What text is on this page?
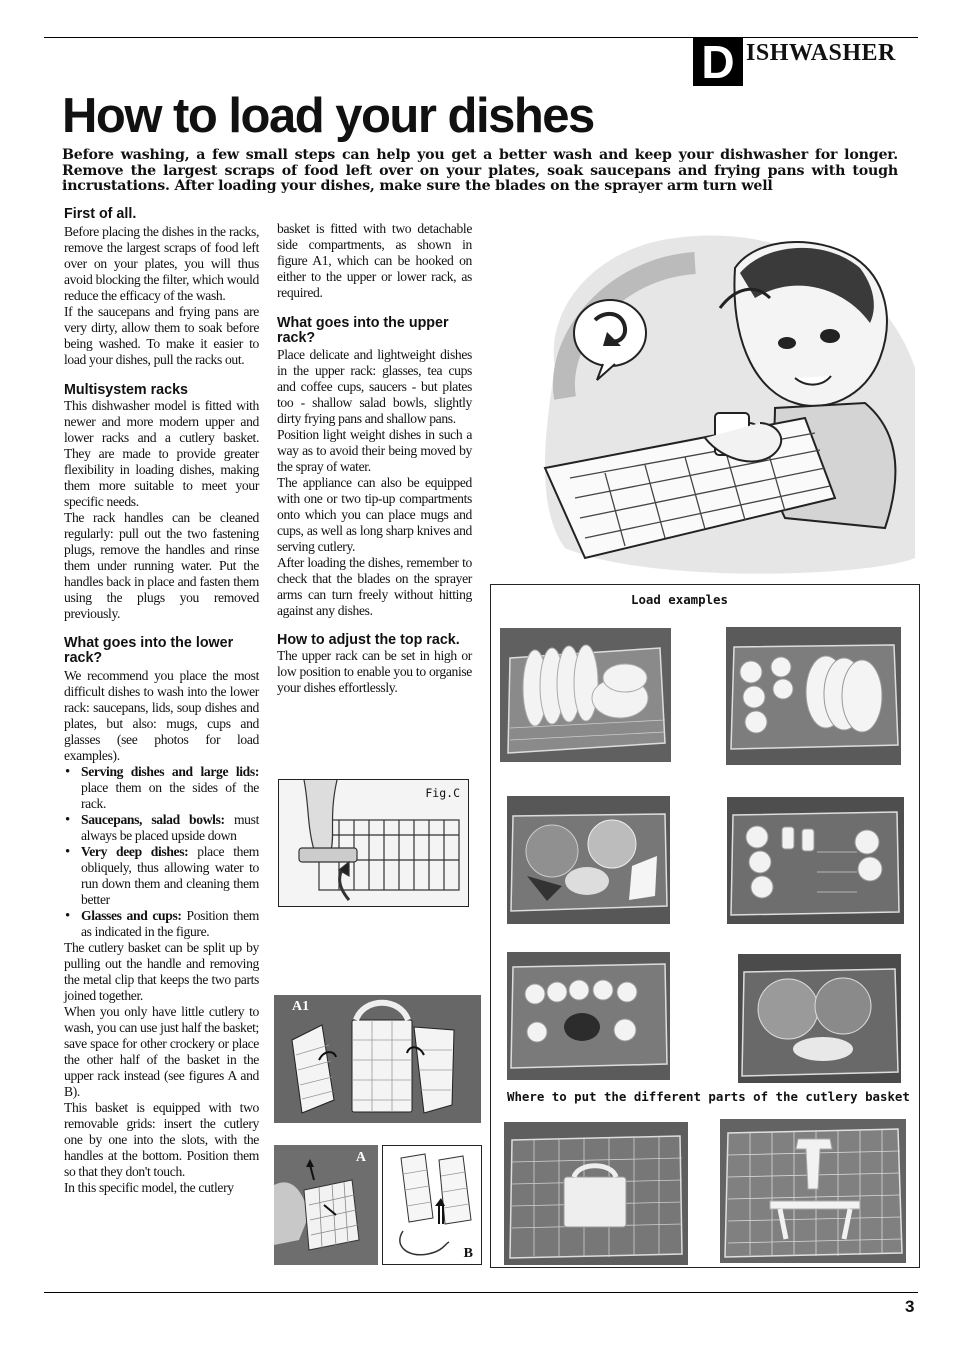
D ISHWASHER
How to load your dishes
Before washing, a few small steps can help you get a better wash and keep your dishwasher for longer. Remove the largest scraps of food left over on your plates, soak saucepans and frying pans with tough incrustations. After loading your dishes, make sure the blades on the sprayer arm turn well
First of all.

Before placing the dishes in the racks, remove the largest scraps of food left over on your plates, you will thus avoid blocking the filter, which would reduce the efficacy of the wash.

If the saucepans and frying pans are very dirty, allow them to soak before being washed. To make it easier to load your dishes, pull the racks out.

Multisystem racks

This dishwasher model is fitted with newer and more modern upper and lower racks and a cutlery basket. They are made to provide greater flexibility in loading dishes, making them more suitable to meet your specific needs.

The rack handles can be cleaned regularly: pull out the two fastening plugs, remove the handles and rinse them under running water. Put the handles back in place and fasten them using the plugs you removed previously.

What goes into the lower rack?

We recommend you place the most difficult dishes to wash into the lower rack: saucepans, lids, soup dishes and plates, but also: mugs, cups and glasses (see photos for load examples).

• Serving dishes and large lids: place them on the sides of the rack.
• Saucepans, salad bowls: must always be placed upside down
• Very deep dishes: place them obliquely, thus allowing water to run down them and cleaning them better
• Glasses and cups: Position them as indicated in the figure.

The cutlery basket can be split up by pulling out the handle and removing the metal clip that keeps the two parts joined together.

When you only have little cutlery to wash, you can use just half the basket; save space for other crockery or place the other half of the basket in the upper rack instead (see figures A and B).

This basket is equipped with two removable grids: insert the cutlery one by one into the slots, with the handles at the bottom. Position them so that they don't touch.

In this specific model, the cutlery

basket is fitted with two detachable side compartments, as shown in figure A1, which can be hooked on either to the upper or lower rack, as required.

What goes into the upper rack?

Place delicate and lightweight dishes in the upper rack: glasses, tea cups and coffee cups, saucers - but plates too - shallow salad bowls, slightly dirty frying pans and shallow pans.

Position light weight dishes in such a way as to avoid their being moved by the spray of water.

The appliance can also be equipped with one or two tip-up compartments onto which you can place mugs and cups, as well as long sharp knives and serving cutlery.

After loading the dishes, remember to check that the blades on the sprayer arms can turn freely without hitting against any dishes.

How to adjust the top rack.

The upper rack can be set in high or low position to enable you to organise your dishes effortlessly.

Fig.C
A1
A
B
Load examples
Where to put the different parts of the cutlery basket
3
